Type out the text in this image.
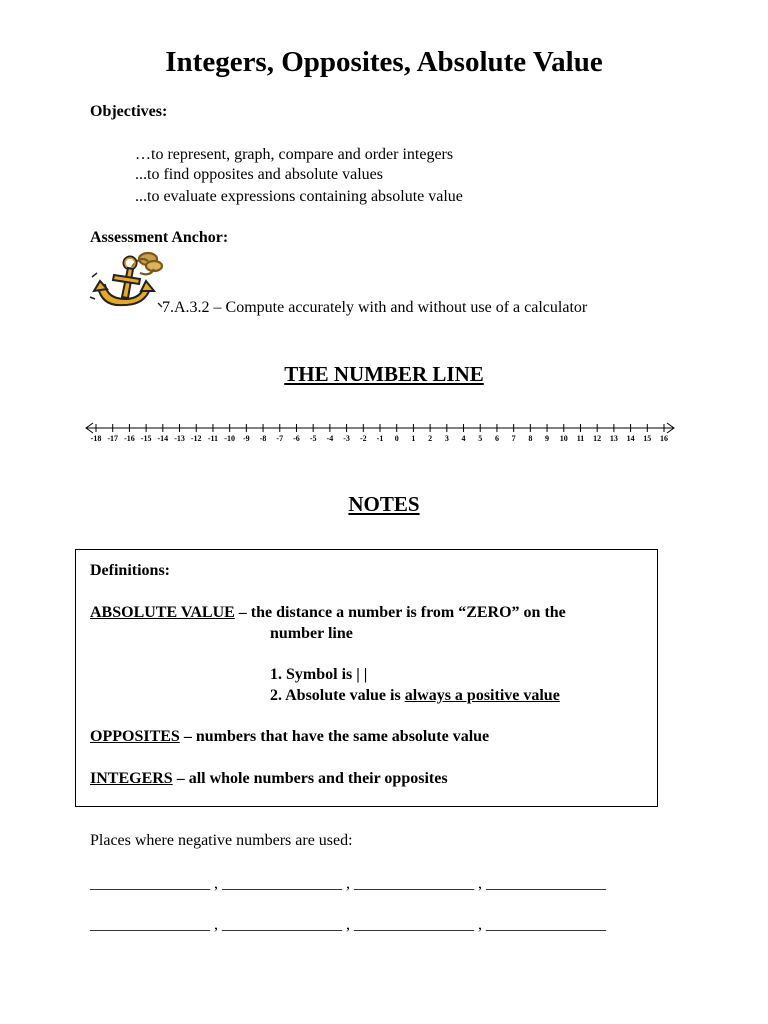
Integers, Opposites, Absolute Value
Objectives:
…to represent, graph, compare and order integers
...to find opposites and absolute values
...to evaluate expressions containing absolute value
Assessment Anchor:
7.A.3.2 – Compute accurately with and without use of a calculator
THE NUMBER LINE
-18 -17 -16 -15 -14 -13 -12 -11 -10 -9 -8 -7 -6 -5 -4 -3 -2 -1 0 1 2 3 4 5 6 7 8 9 10 11 12 13 14 15 16
NOTES
Definitions:
ABSOLUTE VALUE – the distance a number is from “ZERO” on the
number line
1. Symbol is | |
2. Absolute value is always a positive value
OPPOSITES – numbers that have the same absolute value
INTEGERS – all whole numbers and their opposites
Places where negative numbers are used:
_______________ , _______________ , _______________ , _______________
_______________ , _______________ , _______________ , _______________
